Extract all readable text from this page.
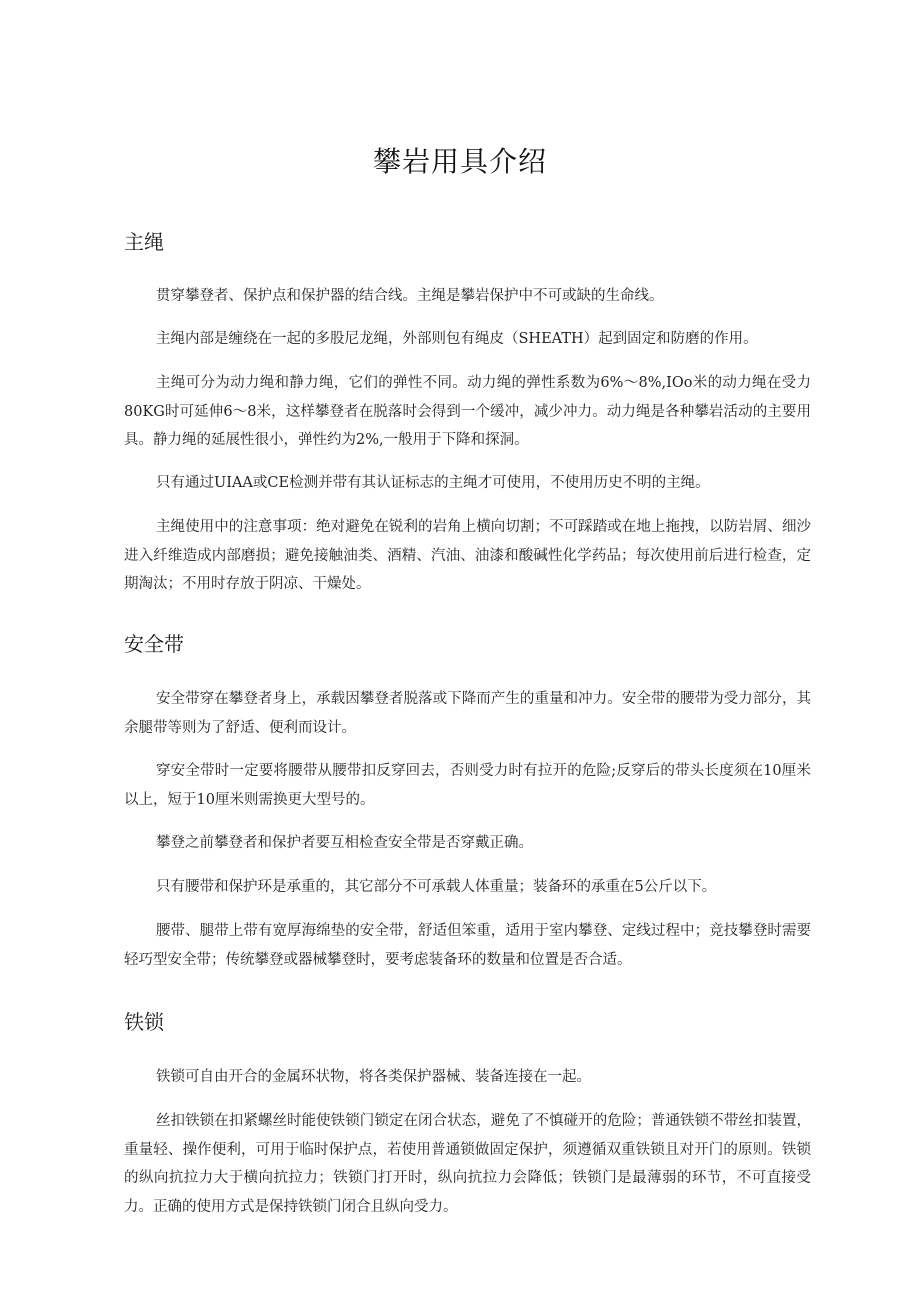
攀岩用具介绍
主绳

贯穿攀登者、保护点和保护器的结合线。主绳是攀岩保护中不可或缺的生命线。

主绳内部是缠绕在一起的多股尼龙绳，外部则包有绳皮（SHEATH）起到固定和防磨的作用。

主绳可分为动力绳和静力绳，它们的弹性不同。动力绳的弹性系数为6%～8%,IOo米的动力绳在受力80KG时可延伸6～8米，这样攀登者在脱落时会得到一个缓冲，减少冲力。动力绳是各种攀岩活动的主要用具。静力绳的延展性很小，弹性约为2%,一般用于下降和探洞。

只有通过UIAA或CE检测并带有其认证标志的主绳才可使用，不使用历史不明的主绳。

主绳使用中的注意事项：绝对避免在锐利的岩角上横向切割；不可踩踏或在地上拖拽，以防岩屑、细沙进入纤维造成内部磨损；避免接触油类、酒精、汽油、油漆和酸碱性化学药品；每次使用前后进行检查，定期淘汰；不用时存放于阴凉、干燥处。

安全带

安全带穿在攀登者身上，承载因攀登者脱落或下降而产生的重量和冲力。安全带的腰带为受力部分，其余腿带等则为了舒适、便利而设计。

穿安全带时一定要将腰带从腰带扣反穿回去，否则受力时有拉开的危险;反穿后的带头长度须在10厘米以上，短于10厘米则需换更大型号的。

攀登之前攀登者和保护者要互相检查安全带是否穿戴正确。

只有腰带和保护环是承重的，其它部分不可承载人体重量；装备环的承重在5公斤以下。

腰带、腿带上带有宽厚海绵垫的安全带，舒适但笨重，适用于室内攀登、定线过程中；竞技攀登时需要轻巧型安全带；传统攀登或器械攀登时，要考虑装备环的数量和位置是否合适。

铁锁

铁锁可自由开合的金属环状物，将各类保护器械、装备连接在一起。

丝扣铁锁在扣紧螺丝时能使铁锁门锁定在闭合状态，避免了不慎碰开的危险；普通铁锁不带丝扣装置，重量轻、操作便利，可用于临时保护点，若使用普通锁做固定保护，须遵循双重铁锁且对开门的原则。铁锁的纵向抗拉力大于横向抗拉力；铁锁门打开时，纵向抗拉力会降低；铁锁门是最薄弱的环节，不可直接受力。正确的使用方式是保持铁锁门闭合且纵向受力。
